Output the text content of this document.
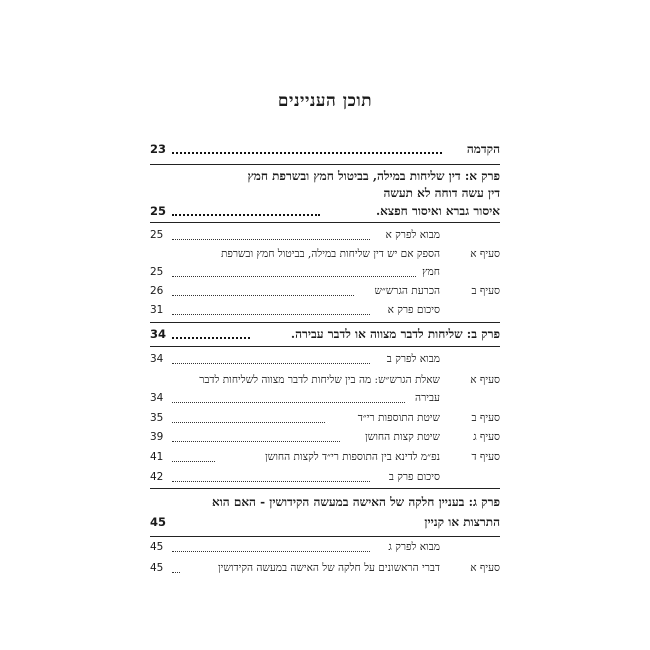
תוכן העניינים
הקדמה
23
פרק א: דין שליחות במילה, בביטול חמץ ובשרפת חמץ
דין עשה דוחה לא תעשה
איסור גברא ואיסור חפצא.
25
מבוא לפרק א
25
סעיף א
הספק אם יש דין שליחות במילה, בביטול חמץ ובשרפת
חמץ
25
סעיף ב
הכרעת הגרש״ש
26
סיכום פרק א
31
פרק ב: שליחות לדבר מצווה או לדבר עבירה.
34
מבוא לפרק ב
34
סעיף א
שאלת הגרש״ש: מה בין שליחות לדבר מצווה לשליחות לדבר
עבירה
34
סעיף ב
שיטת התוספות רי״ד
35
סעיף ג
שיטת קצות החושן
39
סעיף ד
נפ״מ לדינא בין התוספות רי״ד לקצות החושן
41
סיכום פרק ב
42
פרק ג: בעניין חלקה של האישה במעשה הקידושין - האם הוא
התרצות או קניין
45
מבוא לפרק ג
45
סעיף א
דברי הראשונים על חלקה של האישה במעשה הקידושין
45
